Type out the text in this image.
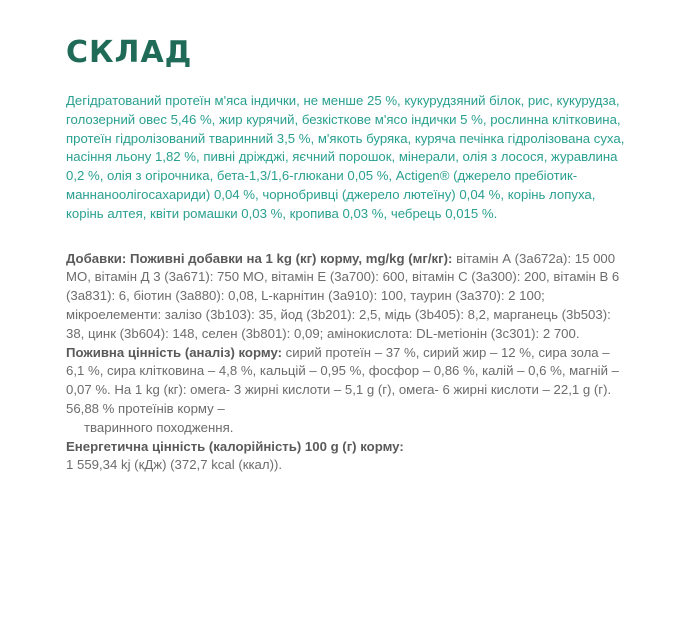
СКЛАД
Дегідратований протеїн м'яса індички, не менше 25 %, кукурудзяний білок, рис, кукурудза, голозерний овес 5,46 %, жир курячий, безкісткове м'ясо індички 5 %, рослинна клітковина, протеїн гідролізований тваринний 3,5 %, м'якоть буряка, куряча печінка гідролізована суха, насіння льону 1,82 %, пивні дріжджі, яєчний порошок, мінерали, олія з лосося, журавлина 0,2 %, олія з огірочника, бета-1,3/1,6-глюкани 0,05 %, Actigen® (джерело пребіотик-маннаноолігосахариди) 0,04 %, чорнобривці (джерело лютеїну) 0,04 %, корінь лопуха, корінь алтея, квіти ромашки 0,03 %, кропива 0,03 %, чебрець 0,015 %.

Добавки: Поживні добавки на 1 kg (кг) корму, mg/kg (мг/кг): вітамін А (3а672а): 15 000 МО, вітамін Д 3 (3а671): 750 МО, вітамін Е (3а700): 600, вітамін С (3а300): 200, вітамін В 6 (3а831): 6, біотин (3а880): 0,08, L-карнітин (3а910): 100, таурин (3а370): 2 100; мікроелементи: залізо (3b103): 35, йод (3b201): 2,5, мідь (3b405): 8,2, марганець (3b503): 38, цинк (3b604): 148, селен (3b801): 0,09; амінокислота: DL-метіонін (3с301): 2 700.

Поживна цінність (аналіз) корму: сирий протеїн – 37 %, сирий жир – 12 %, сира зола – 6,1 %, сира клітковина – 4,8 %, кальцій – 0,95 %, фосфор – 0,86 %, калій – 0,6 %, магній – 0,07 %. На 1 kg (кг): омега- 3 жирні кислоти – 5,1 g (г), омега- 6 жирні кислоти – 22,1 g (г). 56,88 % протеїнів корму –
тваринного походження.

Енергетична цінність (калорійність) 100 g (г) корму:
1 559,34 kj (кДж) (372,7 kcal (ккал)).
